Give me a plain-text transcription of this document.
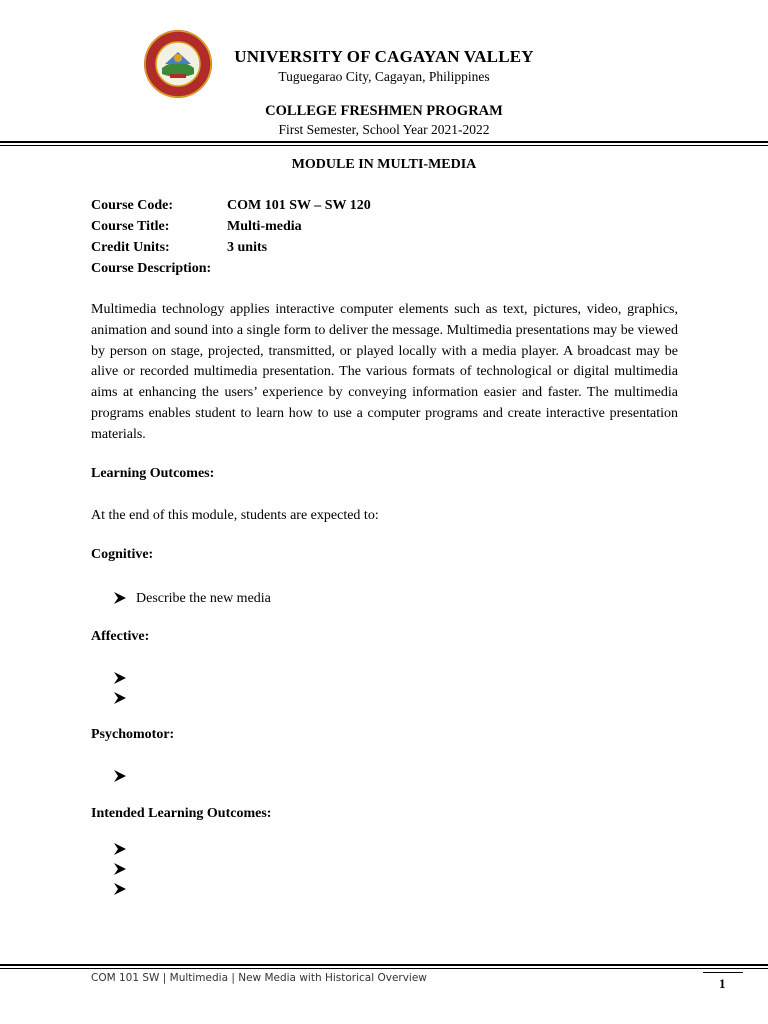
UNIVERSITY OF CAGAYAN VALLEY
Tuguegarao City, Cagayan, Philippines
COLLEGE FRESHMEN PROGRAM
First Semester, School Year 2021-2022
MODULE IN MULTI-MEDIA
Course Code:	COM 101 SW – SW 120
Course Title:	Multi-media
Credit Units:	3 units
Course Description:
Multimedia technology applies interactive computer elements such as text, pictures, video, graphics, animation and sound into a single form to deliver the message. Multimedia presentations may be viewed by person on stage, projected, transmitted, or played locally with a media player. A broadcast may be alive or recorded multimedia presentation. The various formats of technological or digital multimedia aims at enhancing the users’ experience by conveying information easier and faster. The multimedia programs enables student to learn how to use a computer programs and create interactive presentation materials.
Learning Outcomes:
At the end of this module, students are expected to:
Cognitive:
Describe the new media
Affective:
Psychomotor:
Intended Learning Outcomes:
COM 101 SW | Multimedia | New Media with Historical Overview	1
